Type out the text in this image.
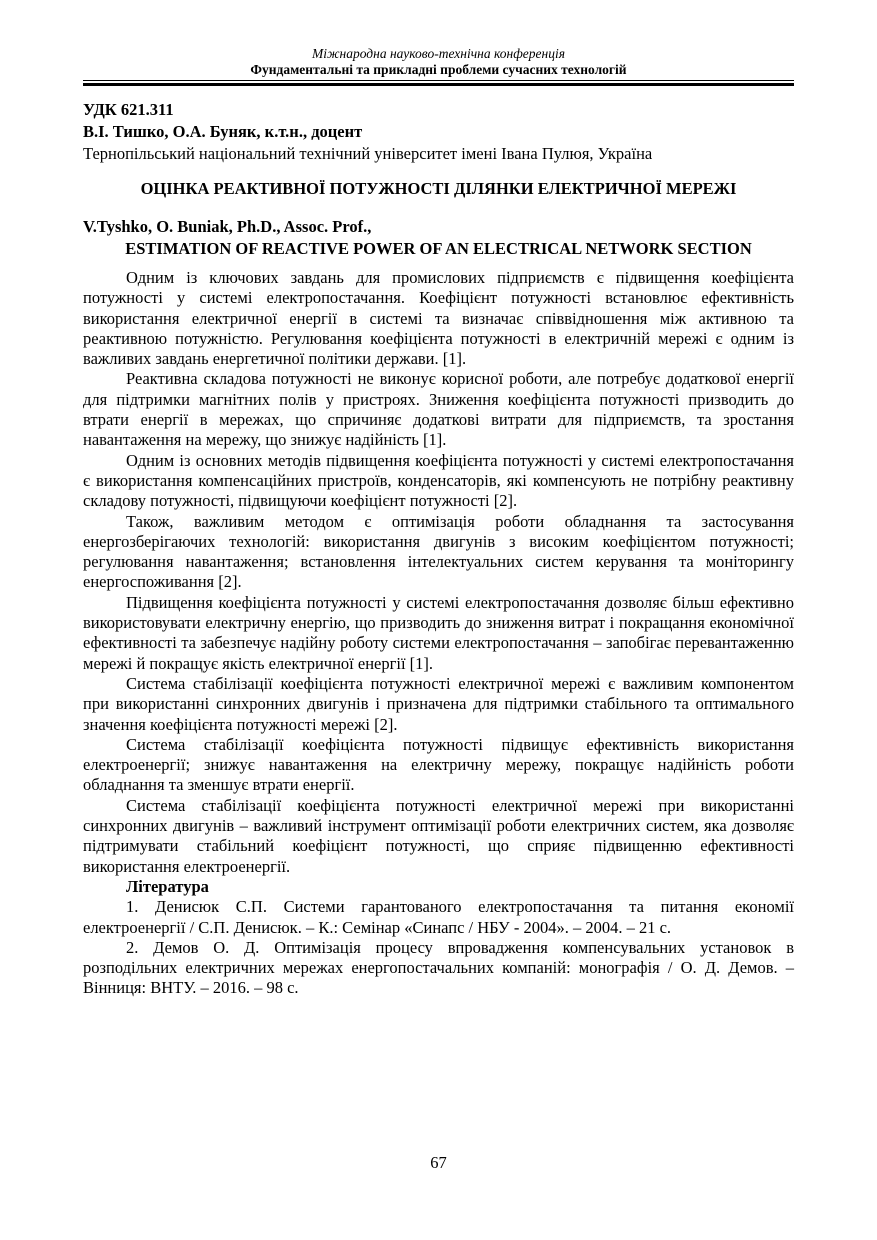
Міжнародна науково-технічна конференція
Фундаментальні та прикладні проблеми сучасних технологій
УДК 621.311
В.І. Тишко, О.А. Буняк, к.т.н., доцент
Тернопільський національний технічний університет імені Івана Пулюя, Україна
ОЦІНКА РЕАКТИВНОЇ ПОТУЖНОСТІ ДІЛЯНКИ ЕЛЕКТРИЧНОЇ МЕРЕЖІ
V.Tyshko, O. Buniak, Ph.D., Assoc. Prof.,
ESTIMATION OF REACTIVE POWER OF AN ELECTRICAL NETWORK SECTION

Одним із ключових завдань для промислових підприємств є підвищення коефіцієнта потужності у системі електропостачання. Коефіцієнт потужності встановлює ефективність використання електричної енергії в системі та визначає співвідношення між активною та реактивною потужністю. Регулювання коефіцієнта потужності в електричній мережі є одним із важливих завдань енергетичної політики держави. [1].

Реактивна складова потужності не виконує корисної роботи, але потребує додаткової енергії для підтримки магнітних полів у пристроях. Зниження коефіцієнта потужності призводить до втрати енергії в мережах, що спричиняє додаткові витрати для підприємств, та зростання навантаження на мережу, що знижує надійність [1].

Одним із основних методів підвищення коефіцієнта потужності у системі електропостачання є використання компенсаційних пристроїв, конденсаторів, які компенсують не потрібну реактивну складову потужності, підвищуючи коефіцієнт потужності [2].

Також, важливим методом є оптимізація роботи обладнання та застосування енергозберігаючих технологій: використання двигунів з високим коефіцієнтом потужності; регулювання навантаження; встановлення інтелектуальних систем керування та моніторингу енергоспоживання [2].

Підвищення коефіцієнта потужності у системі електропостачання дозволяє більш ефективно використовувати електричну енергію, що призводить до зниження витрат і покращання економічної ефективності та забезпечує надійну роботу системи електропостачання – запобігає перевантаженню мережі й покращує якість електричної енергії [1].

Система стабілізації коефіцієнта потужності електричної мережі є важливим компонентом при використанні синхронних двигунів і призначена для підтримки стабільного та оптимального значення коефіцієнта потужності мережі [2].

Система стабілізації коефіцієнта потужності підвищує ефективність використання електроенергії; знижує навантаження на електричну мережу, покращує надійність роботи обладнання та зменшує втрати енергії.

Система стабілізації коефіцієнта потужності електричної мережі при використанні синхронних двигунів – важливий інструмент оптимізації роботи електричних систем, яка дозволяє підтримувати стабільний коефіцієнт потужності, що сприяє підвищенню ефективності використання електроенергії.

Література

1. Денисюк С.П. Системи гарантованого електропостачання та питання економії електроенергії / С.П. Денисюк. – К.: Семінар «Синапс / НБУ - 2004». – 2004. – 21 с.

2. Демов О. Д. Оптимізація процесу впровадження компенсувальних установок в розподільних електричних мережах енергопостачальних компаній: монографія / О. Д. Демов. – Вінниця: ВНТУ. – 2016. – 98 с.

67
